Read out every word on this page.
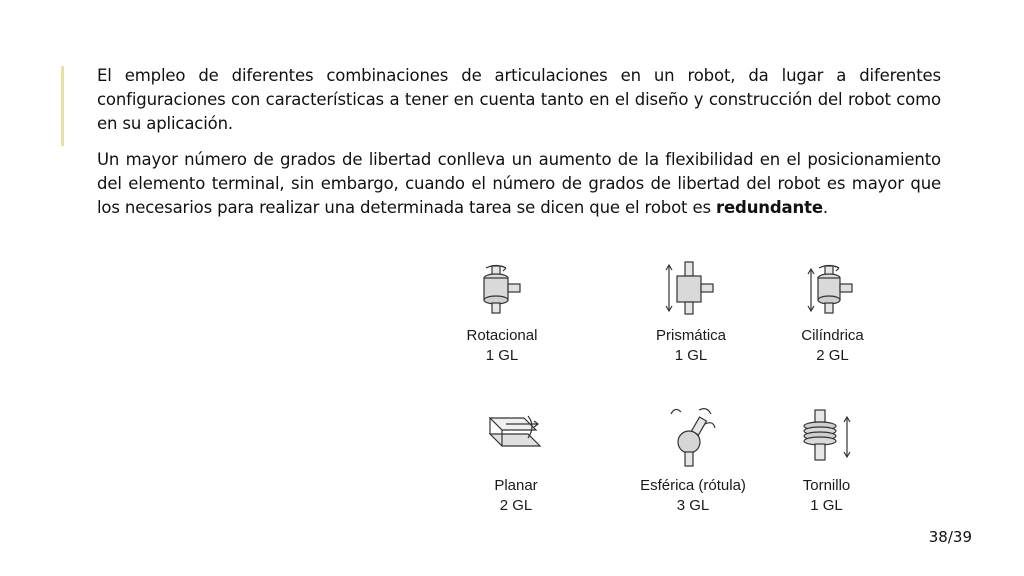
El empleo de diferentes combinaciones de articulaciones en un robot, da lugar a diferentes configuraciones con características a tener en cuenta tanto en el diseño y construcción del robot como en su aplicación.

Un mayor número de grados de libertad conlleva un aumento de la flexibilidad en el posicionamiento del elemento terminal, sin embargo, cuando el número de grados de libertad del robot es mayor que los necesarios para realizar una determinada tarea se dicen que el robot es redundante.

Rotacional
1 GL
Prismática
1 GL
Cilíndrica
2 GL
Planar
2 GL
Esférica (rótula)
3 GL
Tornillo
1 GL
38/39
